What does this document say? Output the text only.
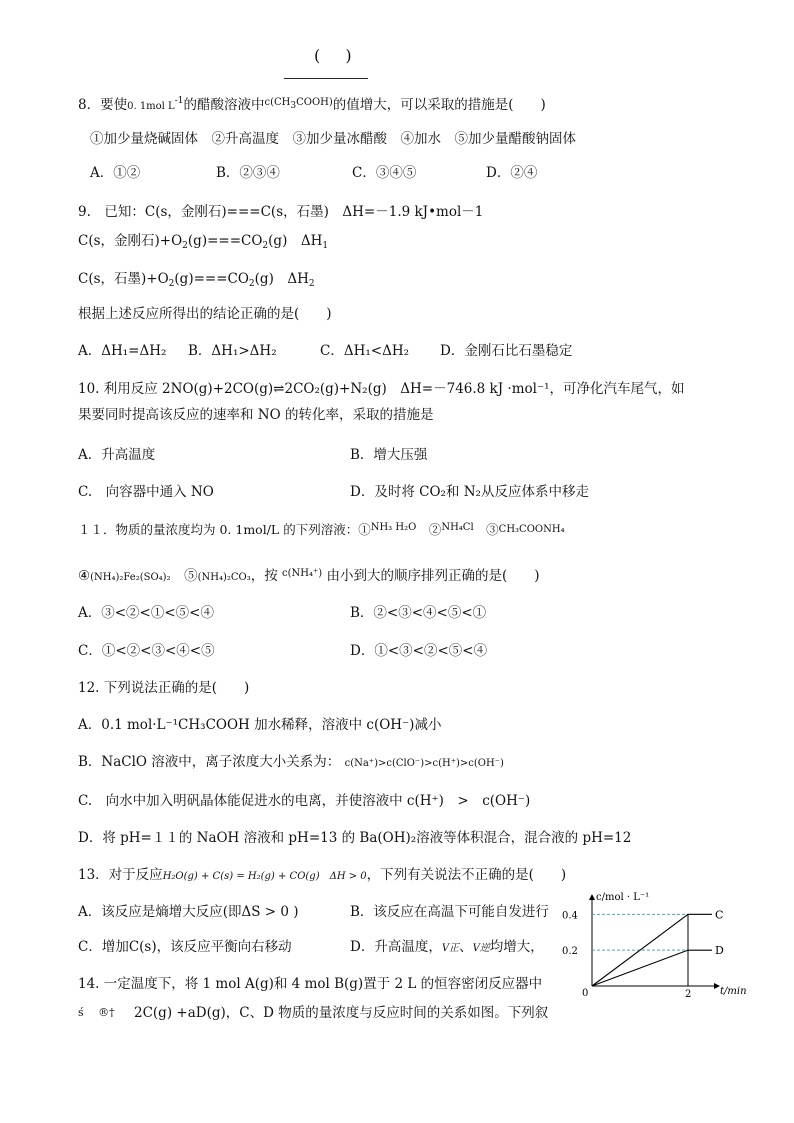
( )
8．要使0. 1mol L-1的醋酸溶液中$^{c(CH3COOH)}$的值增大，可以采取的措施是(　　)
①加少量烧碱固体　②升高温度　③加少量冰醋酸　④加水　⑤加少量醋酸钠固体
A．①②	B．②③④	C．③④⑤	D．②④
9.　已知：C(s，金刚石)===C(s，石墨)　ΔH=－1.9 kJ•mol－1
C(s，金刚石)$+O_2(g)===CO_2(g)$　$\Delta H_1$
C(s，石墨)$+O_2(g)===CO_2(g)$　$\Delta H_2$
根据上述反应所得出的结论正确的是(　　)
A．ΔH₁=ΔH₂ B．ΔH₁>ΔH₂	C．ΔH₁<ΔH₂ D．金刚石比石墨稳定
10. 利用反应 2NO(g)+2CO(g)⇌2CO₂(g)+N₂(g)　ΔH=－746.8 kJ ·mol⁻¹，可净化汽车尾气，如
果要同时提高该反应的速率和 NO 的转化率，采取的措施是
A．升高温度	B．增大压强
C.　向容器中通入 NO	D．及时将 CO₂和 N₂从反应体系中移走
１１．物质的量浓度均为 0. 1mol/L 的下列溶液：①$^{NH_3 H_2O}$　②$^{NH_4Cl}$　③CH₃COONH₄
④(NH₄)₂Fe₂(SO₄)₂　⑤(NH₄)₂CO₃，按 $^{c(NH_4^+)}$ 由小到大的顺序排列正确的是(　　)
A．③<②<①<⑤<④	B．②<③<④<⑤<①
C．①<②<③<④<⑤	D．①<③<②<⑤<④
12. 下列说法正确的是(　　)
A．0.1 mol·L⁻¹CH₃COOH 加水稀释，溶液中 c(OH⁻)减小
B．NaClO 溶液中，离子浓度大小关系为： c(Na⁺)>c(ClO⁻)>c(H⁺)>c(OH⁻)
C.　向水中加入明矾晶体能促进水的电离，并使溶液中 c(H⁺)　>　c(OH⁻)
D．将 pH=１１的 NaOH 溶液和 pH=13 的 Ba(OH)₂溶液等体积混合，混合液的 pH=12
13．对于反应H₂O(g) + C(s) = H₂(g) + CO(g)　ΔH > 0，下列有关说法不正确的是(　　)
A．该反应是熵增大反应(即ΔS > 0 )	B．该反应在高温下可能自发进行
C．增加C(s)，该反应平衡向右移动	D．升高温度，V正、V逆均增大，
14. 一定温度下，将 1 mol A(g)和 4 mol B(g)置于 2 L 的恒容密闭反应器中
ś　 ®† 2C(g) +aD(g)，C、D 物质的量浓度与反应时间的关系如图。下列叙
c/mol · L⁻¹
t/min
0	2
0.2
0.4	C
D
